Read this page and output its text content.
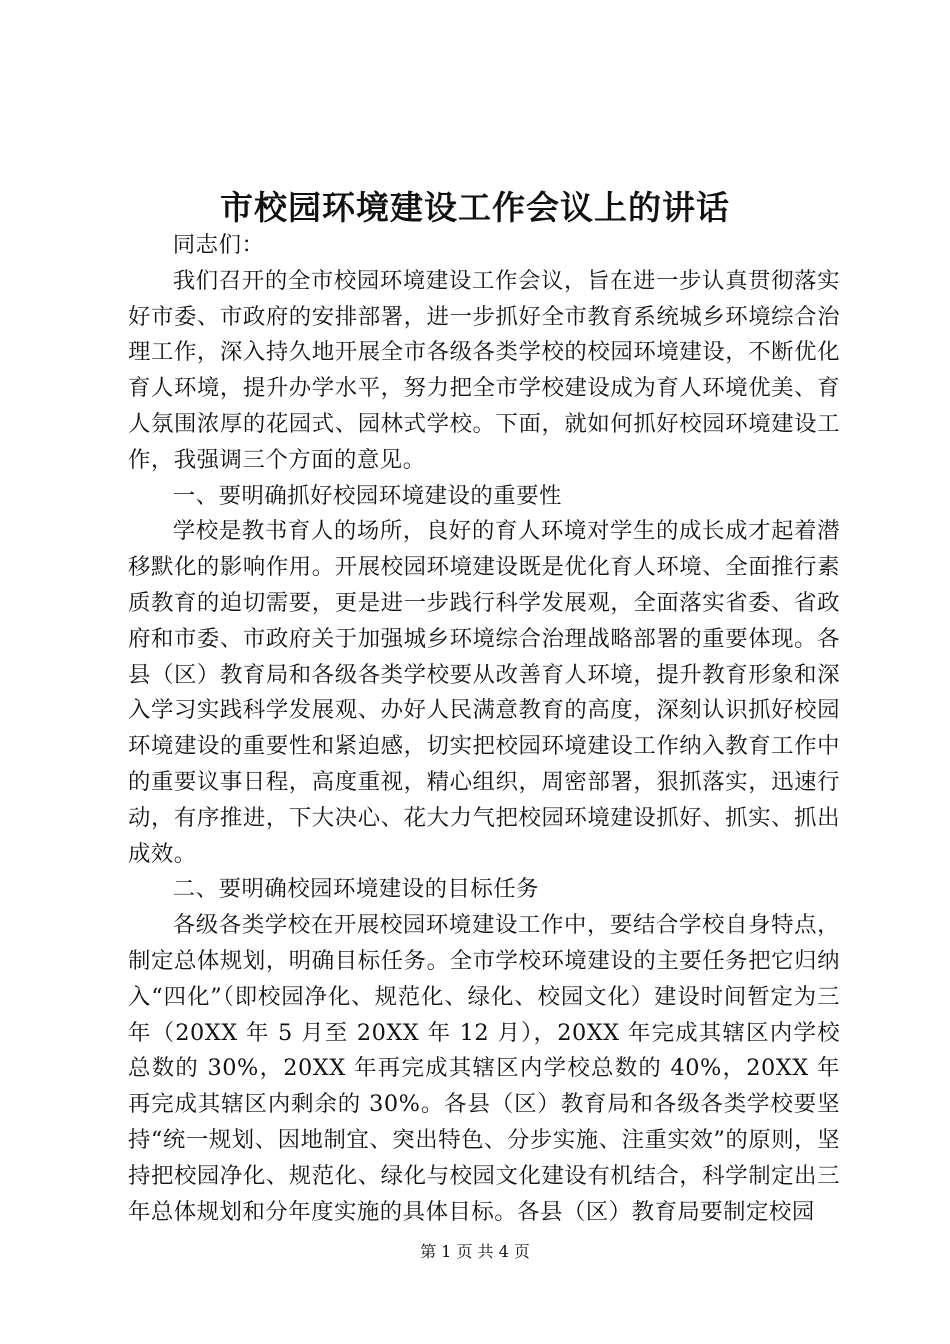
市校园环境建设工作会议上的讲话

同志们：

我们召开的全市校园环境建设工作会议，旨在进一步认真贯彻落实好市委、市政府的安排部署，进一步抓好全市教育系统城乡环境综合治理工作，深入持久地开展全市各级各类学校的校园环境建设，不断优化育人环境，提升办学水平，努力把全市学校建设成为育人环境优美、育人氛围浓厚的花园式、园林式学校。下面，就如何抓好校园环境建设工作，我强调三个方面的意见。

一、要明确抓好校园环境建设的重要性

学校是教书育人的场所，良好的育人环境对学生的成长成才起着潜移默化的影响作用。开展校园环境建设既是优化育人环境、全面推行素质教育的迫切需要，更是进一步践行科学发展观，全面落实省委、省政府和市委、市政府关于加强城乡环境综合治理战略部署的重要体现。各县（区）教育局和各级各类学校要从改善育人环境，提升教育形象和深入学习实践科学发展观、办好人民满意教育的高度，深刻认识抓好校园环境建设的重要性和紧迫感，切实把校园环境建设工作纳入教育工作中的重要议事日程，高度重视，精心组织，周密部署，狠抓落实，迅速行动，有序推进，下大决心、花大力气把校园环境建设抓好、抓实、抓出成效。

二、要明确校园环境建设的目标任务

各级各类学校在开展校园环境建设工作中，要结合学校自身特点，制定总体规划，明确目标任务。全市学校环境建设的主要任务把它归纳入“四化”（即校园净化、规范化、绿化、校园文化）建设时间暂定为三年（20XX 年 5 月至 20XX 年 12 月），20XX 年完成其辖区内学校总数的 30%，20XX 年再完成其辖区内学校总数的 40%，20XX 年再完成其辖区内剩余的 30%。各县（区）教育局和各级各类学校要坚持“统一规划、因地制宜、突出特色、分步实施、注重实效”的原则，坚持把校园净化、规范化、绿化与校园文化建设有机结合，科学制定出三年总体规划和分年度实施的具体目标。各县（区）教育局要制定校园

第 1 页 共 4 页
